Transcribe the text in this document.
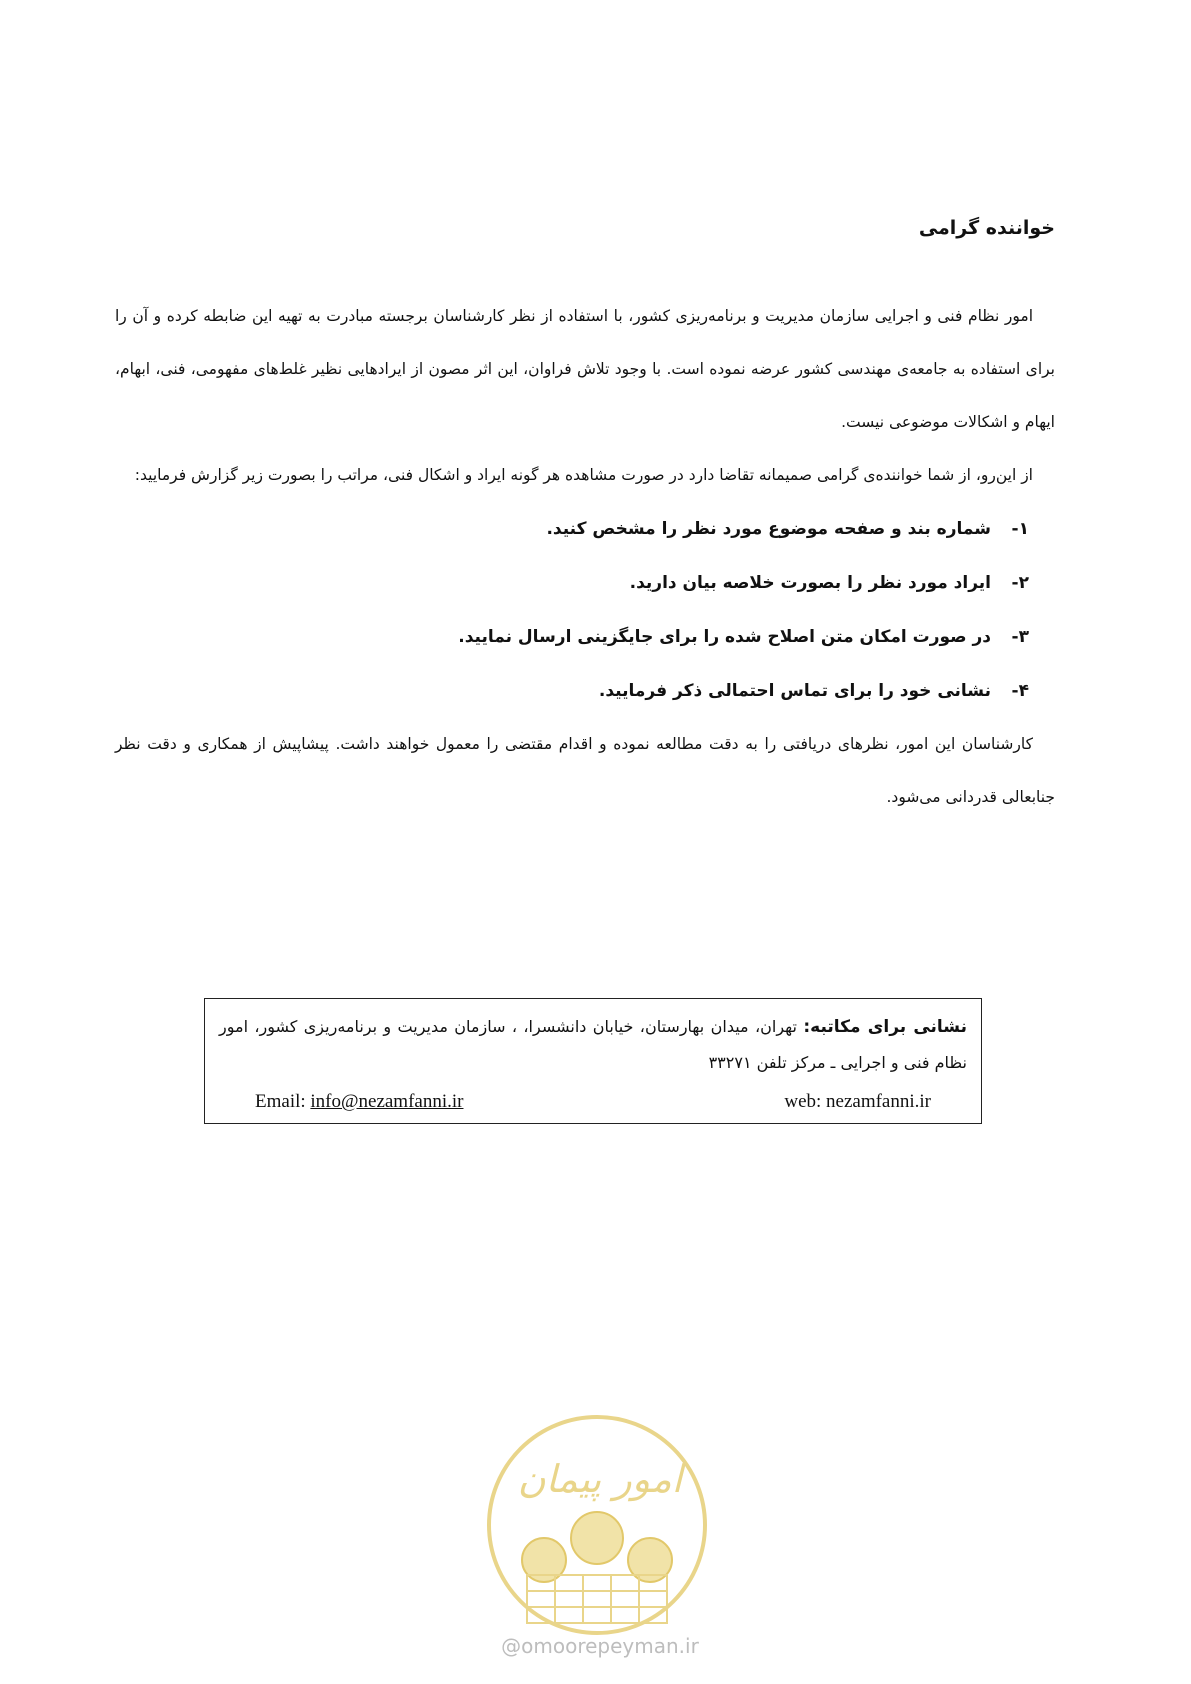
خواننده گرامی

امور نظام فنی و اجرایی سازمان مدیریت و برنامه‌ریزی کشور، با استفاده از نظر کارشناسان برجسته مبادرت به تهیه این ضابطه کرده و آن را برای استفاده به جامعه‌ی مهندسی کشور عرضه نموده است. با وجود تلاش فراوان، این اثر مصون از ایرادهایی نظیر غلط‌های مفهومی، فنی، ابهام، ایهام و اشکالات موضوعی نیست.

از این‌رو، از شما خواننده‌ی گرامی صمیمانه تقاضا دارد در صورت مشاهده هر گونه ایراد و اشکال فنی، مراتب را بصورت زیر گزارش فرمایید:

۱-
شماره بند و صفحه موضوع مورد نظر را مشخص کنید.
۲-
ایراد مورد نظر را بصورت خلاصه بیان دارید.
۳-
در صورت امکان متن اصلاح شده را برای جایگزینی ارسال نمایید.
۴-
نشانی خود را برای تماس احتمالی ذکر فرمایید.

کارشناسان این امور، نظرهای دریافتی را به دقت مطالعه نموده و اقدام مقتضی را معمول خواهند داشت. پیشاپیش از همکاری و دقت نظر جنابعالی قدردانی می‌شود.

نشانی برای مکاتبه: تهران، میدان بهارستان، خیابان دانشسرا، ، سازمان مدیریت و برنامه‌ریزی کشور، امور نظام فنی و اجرایی ـ مرکز تلفن ۳۳۲۷۱
Email: info@nezamfanni.ir	web: nezamfanni.ir
امور پیمان
@omoorepeyman.ir
